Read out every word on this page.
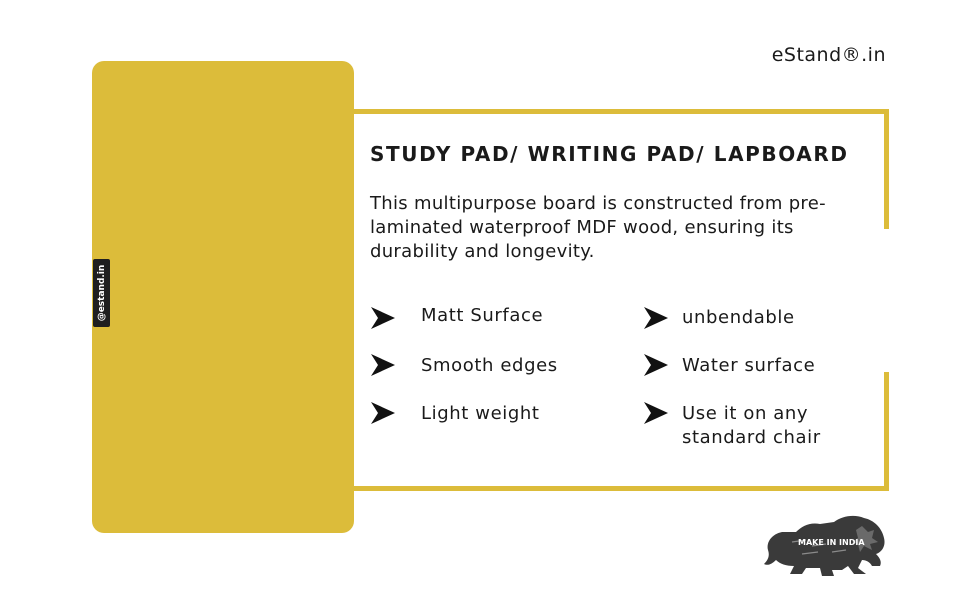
eStand®.in
@estand.in
STUDY PAD/ WRITING PAD/ LAPBOARD
This multipurpose board is constructed from pre-laminated waterproof MDF wood, ensuring its durability and longevity.
Matt Surface
Smooth edges
Light weight
unbendable
Water surface
Use it on any standard chair
MAKE IN INDIA
